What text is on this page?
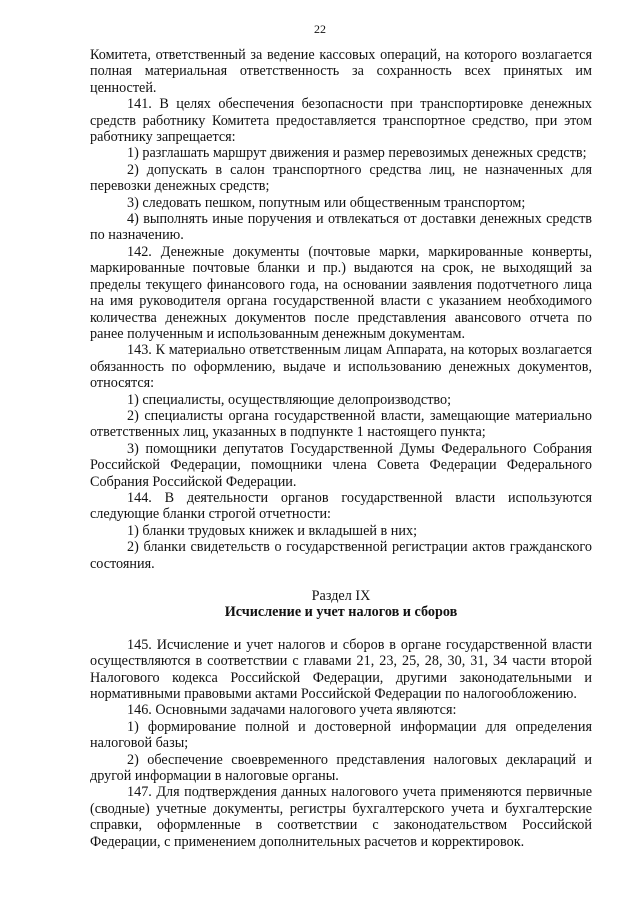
22

Комитета, ответственный за ведение кассовых операций, на которого возлагается полная материальная ответственность за сохранность всех принятых им ценностей.

141. В целях обеспечения безопасности при транспортировке денежных средств работнику Комитета предоставляется транспортное средство, при этом работнику запрещается:

1) разглашать маршрут движения и размер перевозимых денежных средств;

2) допускать в салон транспортного средства лиц, не назначенных для перевозки денежных средств;

3) следовать пешком, попутным или общественным транспортом;

4) выполнять иные поручения и отвлекаться от доставки денежных средств по назначению.

142. Денежные документы (почтовые марки, маркированные конверты, маркированные почтовые бланки и пр.) выдаются на срок, не выходящий за пределы текущего финансового года, на основании заявления подотчетного лица на имя руководителя органа государственной власти с указанием необходимого количества денежных документов после представления авансового отчета по ранее полученным и использованным денежным документам.

143. К материально ответственным лицам Аппарата, на которых возлагается обязанность по оформлению, выдаче и использованию денежных документов, относятся:

1) специалисты, осуществляющие делопроизводство;

2) специалисты органа государственной власти, замещающие материально ответственных лиц, указанных в подпункте 1 настоящего пункта;

3) помощники депутатов Государственной Думы Федерального Собрания Российской Федерации, помощники члена Совета Федерации Федерального Собрания Российской Федерации.

144. В деятельности органов государственной власти используются следующие бланки строгой отчетности:

1) бланки трудовых книжек и вкладышей в них;

2) бланки свидетельств о государственной регистрации актов гражданского состояния.

Раздел IX

Исчисление и учет налогов и сборов

145. Исчисление и учет налогов и сборов в органе государственной власти осуществляются в соответствии с главами 21, 23, 25, 28, 30, 31, 34 части второй Налогового кодекса Российской Федерации, другими законодательными и нормативными правовыми актами Российской Федерации по налогообложению.

146. Основными задачами налогового учета являются:

1) формирование полной и достоверной информации для определения налоговой базы;

2) обеспечение своевременного представления налоговых деклараций и другой информации в налоговые органы.

147. Для подтверждения данных налогового учета применяются первичные (сводные) учетные документы, регистры бухгалтерского учета и бухгалтерские справки, оформленные в соответствии с законодательством Российской Федерации, с применением дополнительных расчетов и корректировок.
